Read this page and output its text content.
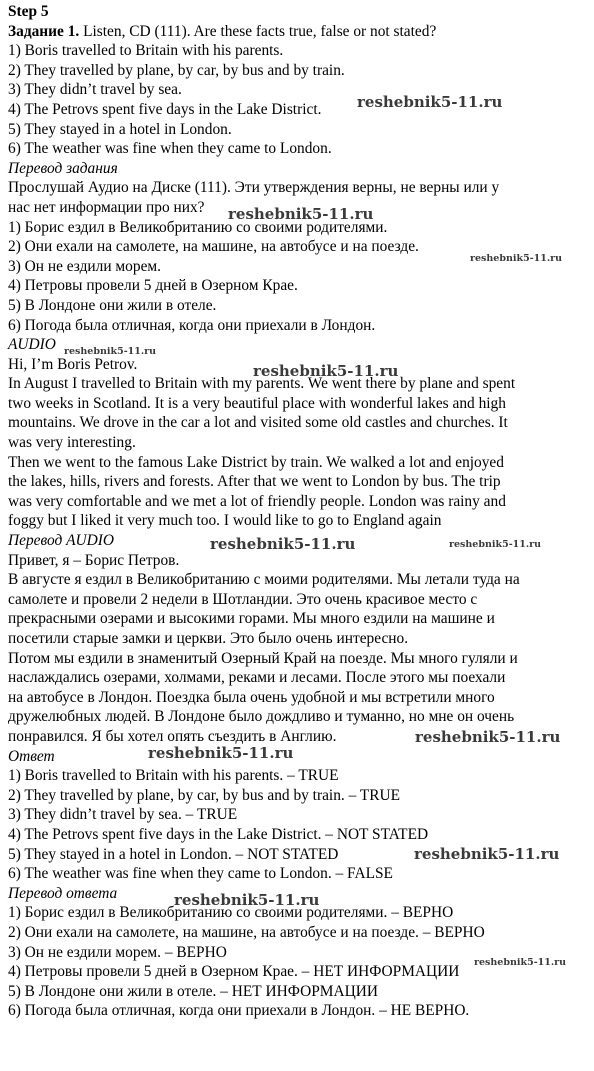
Step 5
Задание 1. Listen, CD (111). Are these facts true, false or not stated?
1) Boris travelled to Britain with his parents.
2) They travelled by plane, by car, by bus and by train.
3) They didn’t travel by sea.
4) The Petrovs spent five days in the Lake District.
5) They stayed in a hotel in London.
6) The weather was fine when they came to London.
Перевод задания
Прослушай Аудио на Диске (111). Эти утверждения верны, не верны или у
нас нет информации про них?
1) Борис ездил в Великобританию со своими родителями.
2) Они ехали на самолете, на машине, на автобусе и на поезде.
3) Он не ездили морем.
4) Петровы провели 5 дней в Озерном Крае.
5) В Лондоне они жили в отеле.
6) Погода была отличная, когда они приехали в Лондон.
AUDIO
Hi, I’m Boris Petrov.
In August I travelled to Britain with my parents. We went there by plane and spent
two weeks in Scotland. It is a very beautiful place with wonderful lakes and high
mountains. We drove in the car a lot and visited some old castles and churches. It
was very interesting.
Then we went to the famous Lake District by train. We walked a lot and enjoyed
the lakes, hills, rivers and forests. After that we went to London by bus. The trip
was very comfortable and we met a lot of friendly people. London was rainy and
foggy but I liked it very much too. I would like to go to England again
Перевод AUDIO
Привет, я – Борис Петров.
В августе я ездил в Великобританию с моими родителями. Мы летали туда на
самолете и провели 2 недели в Шотландии. Это очень красивое место с
прекрасными озерами и высокими горами. Мы много ездили на машине и
посетили старые замки и церкви. Это было очень интересно.
Потом мы ездили в знаменитый Озерный Край на поезде. Мы много гуляли и
наслаждались озерами, холмами, реками и лесами. После этого мы поехали
на автобусе в Лондон. Поездка была очень удобной и мы встретили много
дружелюбных людей. В Лондоне было дождливо и туманно, но мне он очень
понравился. Я бы хотел опять съездить в Англию.
Ответ
1) Boris travelled to Britain with his parents. – TRUE
2) They travelled by plane, by car, by bus and by train. – TRUE
3) They didn’t travel by sea. – TRUE
4) The Petrovs spent five days in the Lake District. – NOT STATED
5) They stayed in a hotel in London. – NOT STATED
6) The weather was fine when they came to London. – FALSE
Перевод ответа
1) Борис ездил в Великобританию со своими родителями. – ВЕРНО
2) Они ехали на самолете, на машине, на автобусе и на поезде. – ВЕРНО
3) Он не ездили морем. – ВЕРНО
4) Петровы провели 5 дней в Озерном Крае. – НЕТ ИНФОРМАЦИИ
5) В Лондоне они жили в отеле. – НЕТ ИНФОРМАЦИИ
6) Погода была отличная, когда они приехали в Лондон. – НЕ ВЕРНО.
reshebnik5-11.ru
reshebnik5-11.ru
reshebnik5-11.ru
reshebnik5-11.ru
reshebnik5-11.ru
reshebnik5-11.ru	reshebnik5-11.ru
reshebnik5-11.ru
reshebnik5-11.ru
reshebnik5-11.ru
reshebnik5-11.ru
reshebnik5-11.ru
